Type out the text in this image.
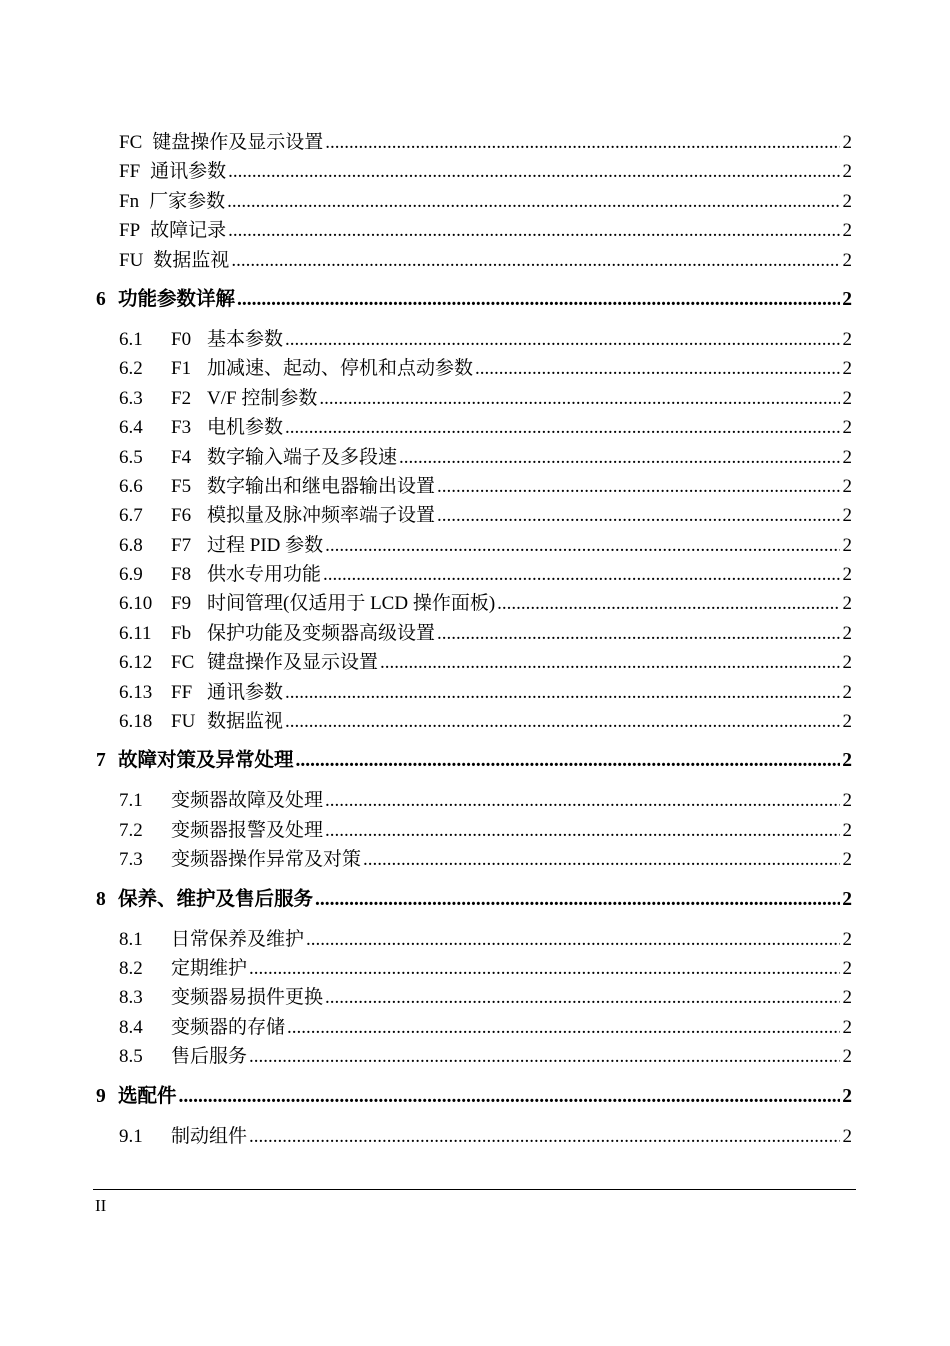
FC 键盘操作及显示设置 .....	2
FF 通讯参数 .....	2
Fn 厂家参数 .....	2
FP 故障记录 .....	2
FU 数据监视 .....	2
6 功能参数详解 .....	2
6.1	F0 基本参数 .....	2
6.2	F1 加减速、起动、停机和点动参数 .....	2
6.3	F2 V/F 控制参数 .....	2
6.4	F3 电机参数 .....	2
6.5	F4 数字输入端子及多段速 .....	2
6.6	F5 数字输出和继电器输出设置 .....	2
6.7	F6 模拟量及脉冲频率端子设置 .....	2
6.8	F7 过程 PID 参数 .....	2
6.9	F8 供水专用功能 .....	2
6.10 F9 时间管理(仅适用于 LCD 操作面板) .....	2
6.11	Fb 保护功能及变频器高级设置 .....	2
6.12 FC 键盘操作及显示设置 .....	2
6.13 FF 通讯参数 .....	2
6.18 FU 数据监视 .....	2
7 故障对策及异常处理 .....	2
7.1	变频器故障及处理 .....	2
7.2	变频器报警及处理 .....	2
7.3	变频器操作异常及对策 .....	2
8 保养、维护及售后服务 .....	2
8.1	日常保养及维护 .....	2
8.2	定期维护 .....	2
8.3	变频器易损件更换 .....	2
8.4	变频器的存储 .....	2
8.5	售后服务 .....	2
9 选配件 .....	2
9.1	制动组件 .....	2
II
